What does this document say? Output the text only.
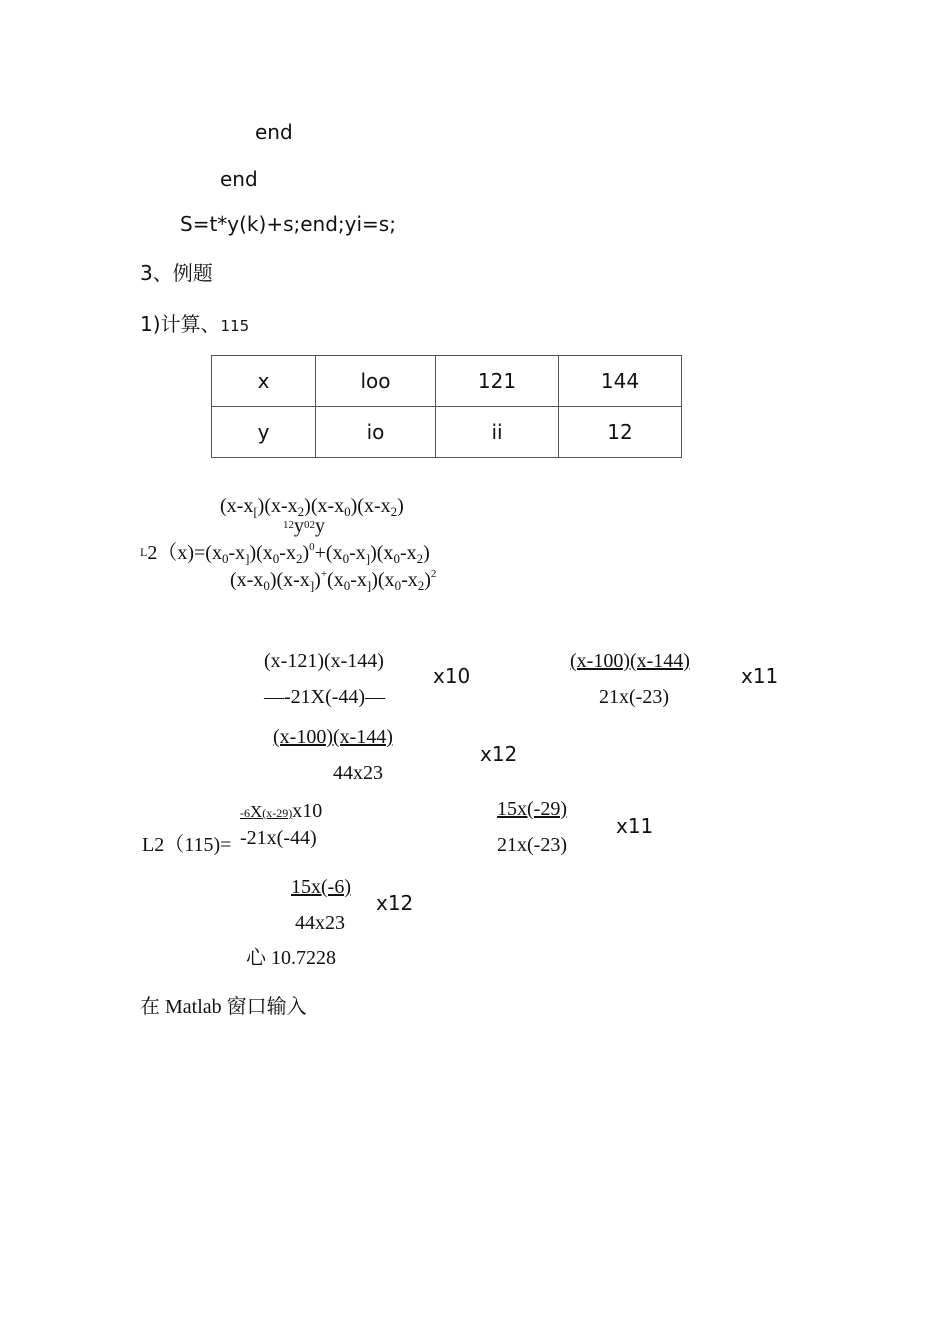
end
end
S=t*y(k)+s;end;yi=s;
3、例题
1)计算、115
x	loo	121	144
y	io	ii	12
$(x-x_[)(x-x_2)(x-x_0)(x-x_2)$
$^{12}y^{02}y$
$L2(x)=(x_0-x_])(x_0-x_2)^0+(x_0-x_])(x_0-x_2)$
$(x-x_0)(x-x_])^+(x_0-x_])(x_0-x_2)^2$
(x-121)(x-144)
—-21X(-44)—
x10
(x-100)(x-144)
21x(-23)
x11
(x-100)(x-144)
44x23
x12
L2（115)=
-6X(x-29)x10
-21x(-44)
15x(-29)
21x(-23)
x11
15x(-6)
44x23
x12
心 10.7228
在 Matlab 窗口输入
